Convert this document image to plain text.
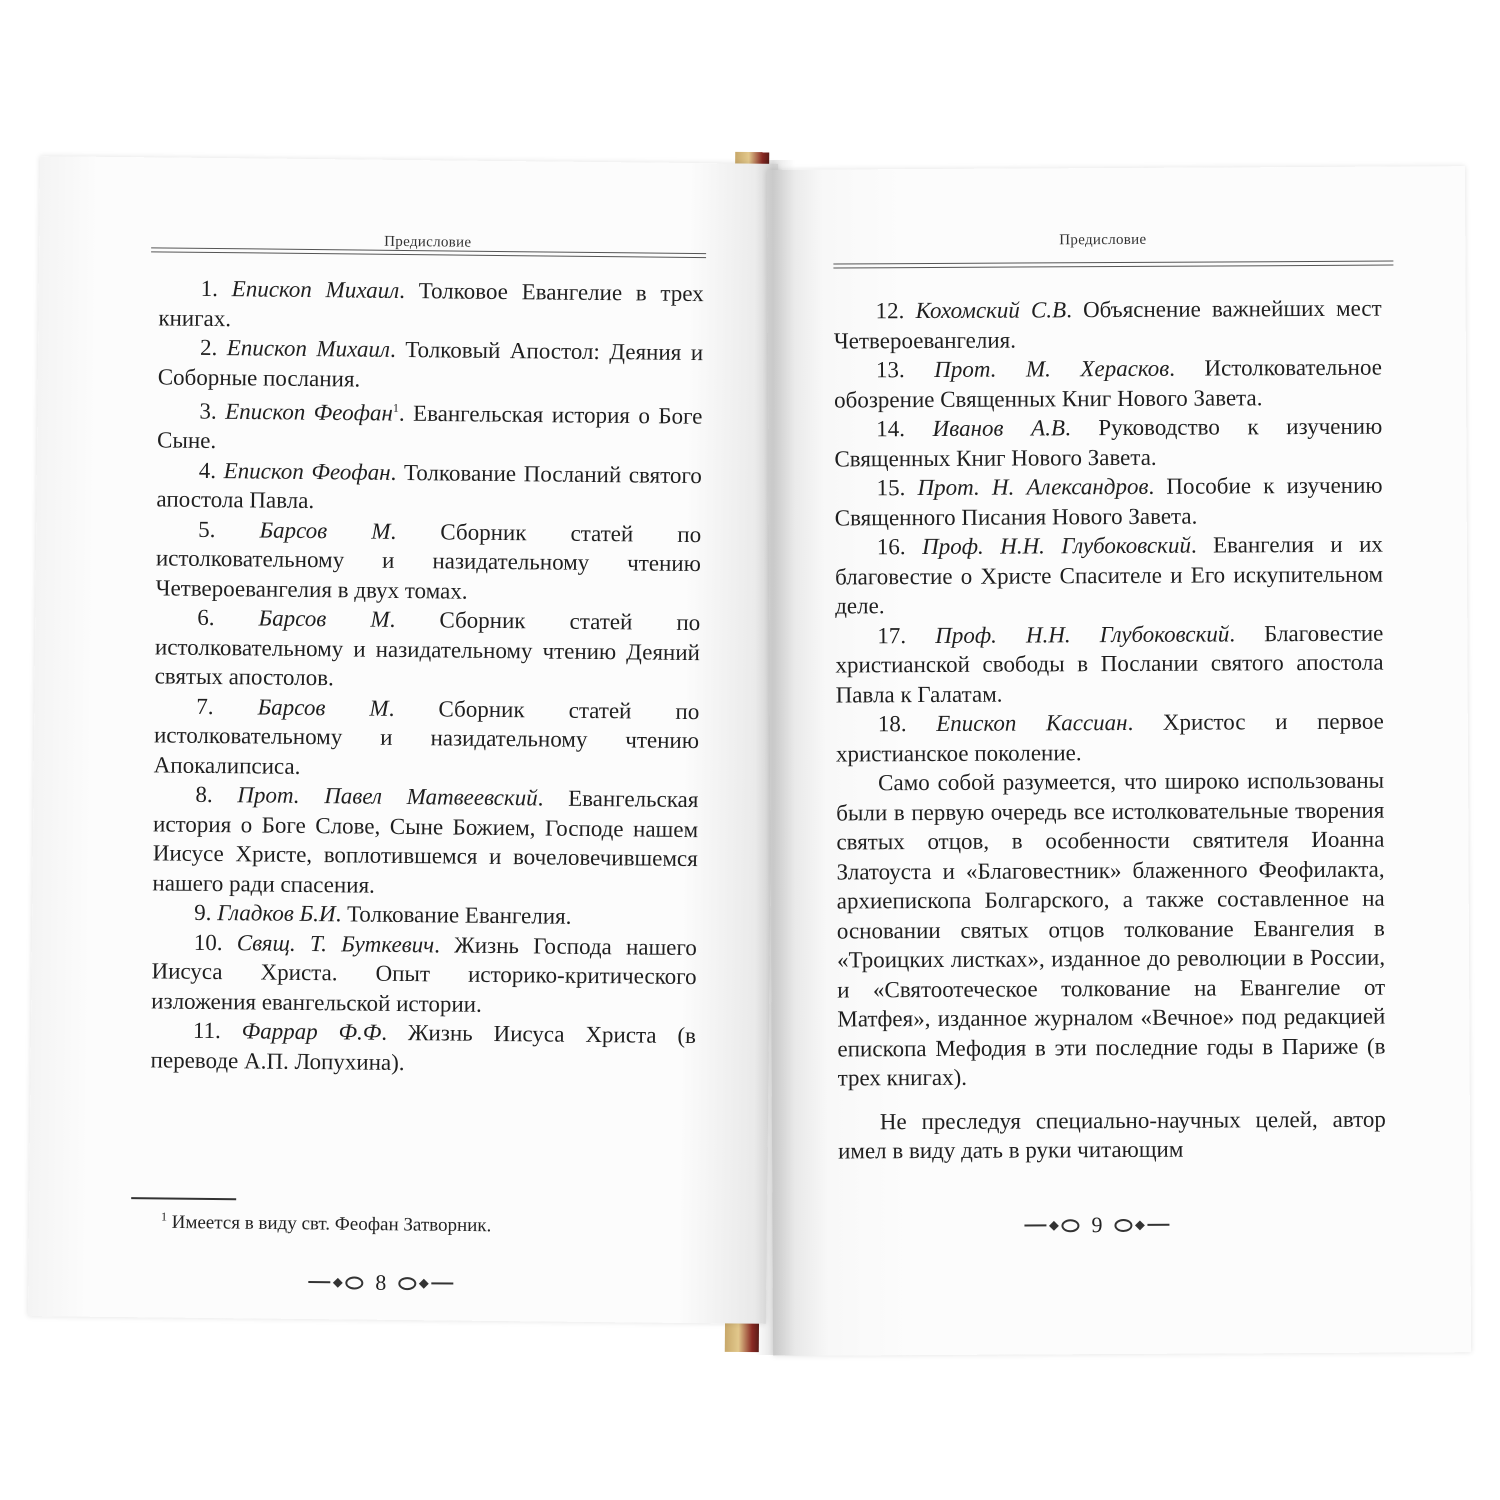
Предисловие

1. Епископ Михаил. Толковое Евангелие в трех книгах.

2. Епископ Михаил. Толковый Апостол: Деяния и Соборные послания.

3. Епископ Феофан$^1$. Евангельская история о Боге Сыне.

4. Епископ Феофан. Толкование Посланий святого апостола Павла.

5. Барсов М. Сборник статей по истолковательному и назидательному чтению Четвероевангелия в двух томах.

6. Барсов М. Сборник статей по истолковательному и назидательному чтению Деяний святых апостолов.

7. Барсов М. Сборник статей по истолковательному и назидательному чтению Апокалипсиса.

8. Прот. Павел Матвеевский. Евангельская история о Боге Слове, Сыне Божием, Господе нашем Иисусе Христе, воплотившемся и вочеловечившемся нашего ради спасения.

9. Гладков Б.И. Толкование Евангелия.

10. Свящ. Т. Буткевич. Жизнь Господа нашего Иисуса Христа. Опыт историко-критического изложения евангельской истории.

11. Фаррар Ф.Ф. Жизнь Иисуса Христа (в переводе А.П. Лопухина).

$^1$ Имеется в виду свт. Феофан Затворник.
8
Предисловие

12. Кохомский С.В. Объяснение важнейших мест Четвероевангелия.

13. Прот. М. Херасков. Истолковательное обозрение Священных Книг Нового Завета.

14. Иванов А.В. Руководство к изучению Священных Книг Нового Завета.

15. Прот. Н. Александров. Пособие к изучению Священного Писания Нового Завета.

16. Проф. Н.Н. Глубоковский. Евангелия и их благовестие о Христе Спасителе и Его искупительном деле.

17. Проф. Н.Н. Глубоковский. Благовестие христианской свободы в Послании святого апостола Павла к Галатам.

18. Епископ Кассиан. Христос и первое христианское поколение.

Само собой разумеется, что широко использованы были в первую очередь все истолковательные творения святых отцов, в особенности святителя Иоанна Златоуста и «Благовестник» блаженного Феофилакта, архиепископа Болгарского, а также составленное на основании святых отцов толкование Евангелия в «Троицких листках», изданное до революции в России, и «Святоотеческое толкование на Евангелие от Матфея», изданное журналом «Вечное» под редакцией епископа Мефодия в эти последние годы в Париже (в трех книгах).

Не преследуя специально-научных целей, автор имел в виду дать в руки читающим

9
